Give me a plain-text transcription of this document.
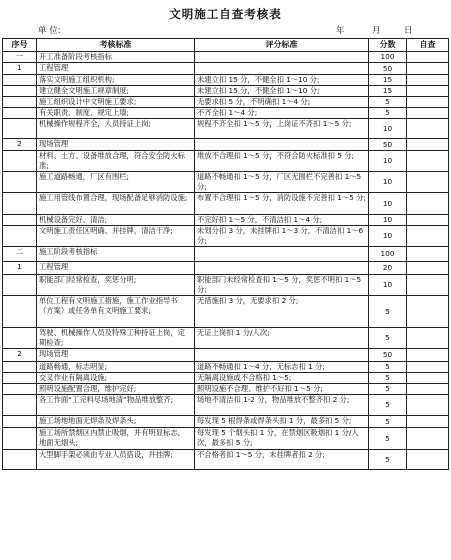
文明施工自查考核表
单 位:	年	月	日
序号	考核标准	评分标准	分数	自查
一	开工准备阶段考核指标		100	
1	工程管理		50	
	落实文明施工组织机构;	未建立扣 15 分，不健全扣 1～10 分;	15	
	建立健全文明施工规章制度;	未建立扣 15 分，不健全扣 1～10 分;	15	
	施工组织设计中文明施工要求;	无要求扣 5 分，不明确扣 1～4 分;	5	
	有关职责、制度、规定上墙;	不齐全扣 1～4 分;	5	
	机械操作规程齐全，人员持证上岗;	规程不齐全扣 1～5 分，上岗证不齐扣 1～5 分;	10	
2	现场管理		50	
	材料、土方、设备堆放合理，符合安全防火标准;	堆放不合理扣 1～5 分，不符合防火标准扣 5 分;	10	
	施工道路畅通，厂区有围栏;	道路不畅通扣 1～5 分，厂区无围栏不完善扣 1～5 分;	10	
	施工用管线布置合理，现场配备足够消防设施;	布置不合理扣 1～5 分，消防设施不完善扣 1～5 分;	10	
	机械设备完好、清洁;	不完好扣 1～5 分，不清洁扣 1～4 分;	10	
	文明施工责任区明确、并挂牌，清洁干净;	未划分扣 3 分，未挂牌扣 1～3 分，不清洁扣 1～6 分;	10	
二	施工阶段考核指标		100	
1	工程管理		20	
	职能部门经常检查，奖惩分明;	职能部门未经常检查扣 1～5 分，奖惩不明扣 1～5 分;	10	
	单位工程有文明施工措施，施工作业指导书（方案）或任务单有文明施工要求;	无措施扣 3 分，无要求扣 2 分;	5	
	驾驶、机械操作人员及特殊工种持证上岗，定期检查;	无证上岗扣 1 分/人次;	5	
2	现场管理		50	
	道路畅通，标志明显;	道路不畅通扣 1～4 分，无标志扣 1 分;	5	
	交叉作业有隔离设施;	无隔离设施或不合格扣 1～5;	5	
	照明设施配置合理，维护完好;	照明设施不合理、维护不好扣 1～5 分;	5	
	各工作面“工完料尽场地清”物品堆放整齐;	场地不清洁扣 1-2 分，物品堆放不整齐扣 2 分;	5	
	施工场地地面无焊条及焊条头;	每发现 5 根焊条或焊条头扣 1 分，最多扣 5 分;	5	
	施工场所禁烟区内禁止吸烟，并有明显标志，地面无烟头;	每发现 5 个烟头扣 1 分，在禁烟区吸烟扣 1 分/人次，最多扣 5 分;	5	
	大型脚手架必须由专业人员搭设，并挂牌;	不合格者扣 1～5 分，未挂牌者扣 2 分;	5	
